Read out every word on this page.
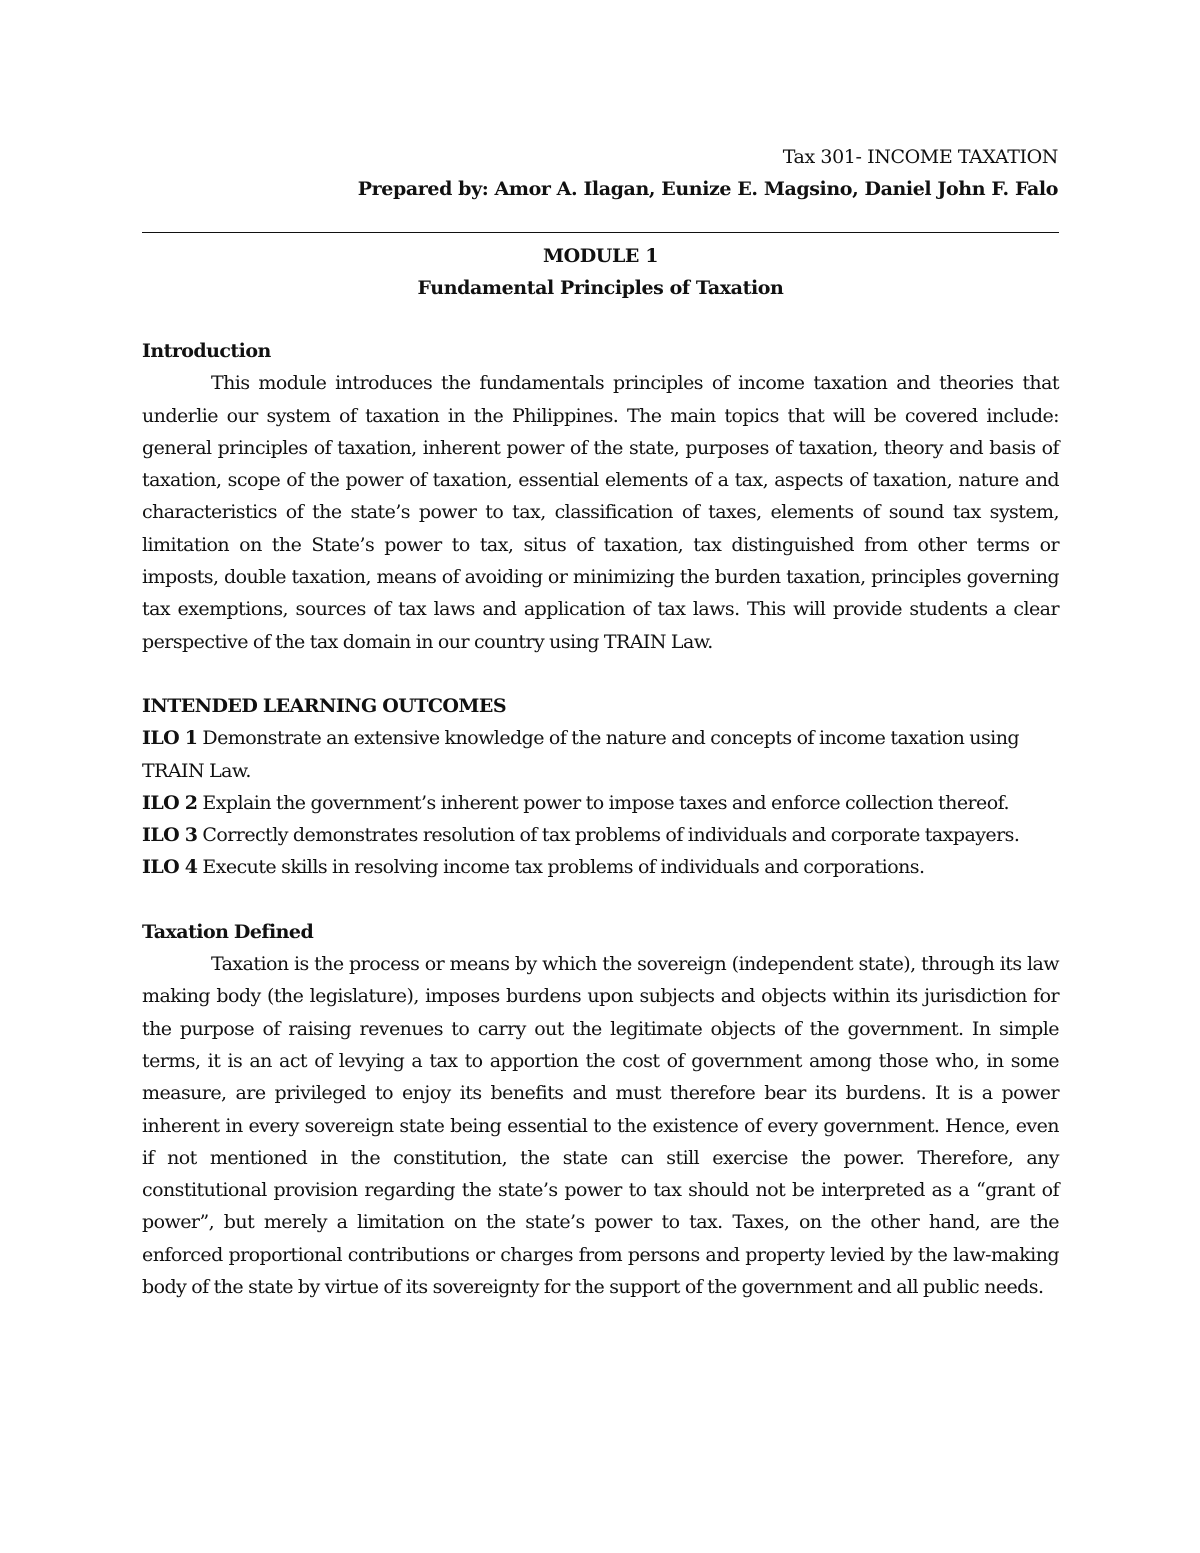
Tax 301- INCOME TAXATION
Prepared by: Amor A. Ilagan, Eunize E. Magsino, Daniel John F. Falo
MODULE 1
Fundamental Principles of Taxation

Introduction

This module introduces the fundamentals principles of income taxation and theories that underlie our system of taxation in the Philippines. The main topics that will be covered include: general principles of taxation, inherent power of the state, purposes of taxation, theory and basis of taxation, scope of the power of taxation, essential elements of a tax, aspects of taxation, nature and characteristics of the state’s power to tax, classification of taxes, elements of sound tax system, limitation on the State’s power to tax, situs of taxation, tax distinguished from other terms or imposts, double taxation, means of avoiding or minimizing the burden taxation, principles governing tax exemptions, sources of tax laws and application of tax laws. This will provide students a clear perspective of the tax domain in our country using TRAIN Law.

INTENDED LEARNING OUTCOMES

ILO 1 Demonstrate an extensive knowledge of the nature and concepts of income taxation using TRAIN Law.

ILO 2 Explain the government’s inherent power to impose taxes and enforce collection thereof.

ILO 3 Correctly demonstrates resolution of tax problems of individuals and corporate taxpayers.

ILO 4 Execute skills in resolving income tax problems of individuals and corporations.

Taxation Defined

Taxation is the process or means by which the sovereign (independent state), through its law making body (the legislature), imposes burdens upon subjects and objects within its jurisdiction for the purpose of raising revenues to carry out the legitimate objects of the government. In simple terms, it is an act of levying a tax to apportion the cost of government among those who, in some measure, are privileged to enjoy its benefits and must therefore bear its burdens. It is a power inherent in every sovereign state being essential to the existence of every government. Hence, even if not mentioned in the constitution, the state can still exercise the power. Therefore, any constitutional provision regarding the state’s power to tax should not be interpreted as a “grant of power”, but merely a limitation on the state’s power to tax. Taxes, on the other hand, are the enforced proportional contributions or charges from persons and property levied by the law-making body of the state by virtue of its sovereignty for the support of the government and all public needs.
